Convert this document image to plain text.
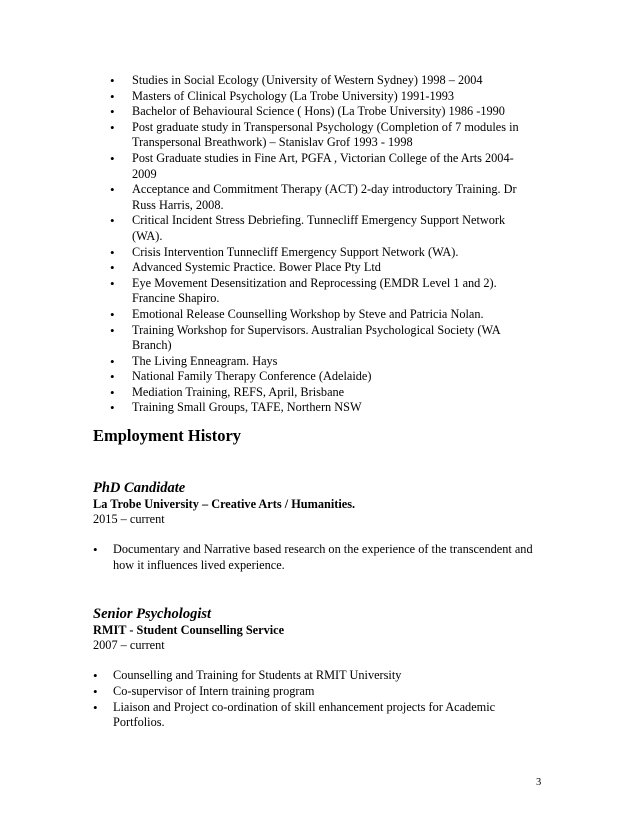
• Studies in Social Ecology (University of Western Sydney) 1998 – 2004
• Masters of Clinical Psychology (La Trobe University) 1991-1993
• Bachelor of Behavioural Science ( Hons) (La Trobe University) 1986 -1990
• Post graduate study in Transpersonal Psychology (Completion of 7 modules in Transpersonal Breathwork) – Stanislav Grof 1993 - 1998
• Post Graduate studies in Fine Art, PGFA , Victorian College of the Arts 2004-2009
• Acceptance and Commitment Therapy (ACT) 2-day introductory Training. Dr Russ Harris, 2008.
• Critical Incident Stress Debriefing. Tunnecliff Emergency Support Network (WA).
• Crisis Intervention Tunnecliff Emergency Support Network (WA).
• Advanced Systemic Practice. Bower Place Pty Ltd
• Eye Movement Desensitization and Reprocessing (EMDR Level 1 and 2). Francine Shapiro.
• Emotional Release Counselling Workshop by Steve and Patricia Nolan.
• Training Workshop for Supervisors. Australian Psychological Society (WA Branch)
• The Living Enneagram. Hays
• National Family Therapy Conference (Adelaide)
• Mediation Training, REFS, April, Brisbane
• Training Small Groups, TAFE, Northern NSW
Employment History
PhD Candidate
La Trobe University – Creative Arts / Humanities.
2015 – current
• Documentary and Narrative based research on the experience of the transcendent and how it influences lived experience.
Senior Psychologist
RMIT - Student Counselling Service
2007 – current
• Counselling and Training for Students at RMIT University
• Co-supervisor of Intern training program
• Liaison and Project co-ordination of skill enhancement projects for Academic Portfolios.
3
